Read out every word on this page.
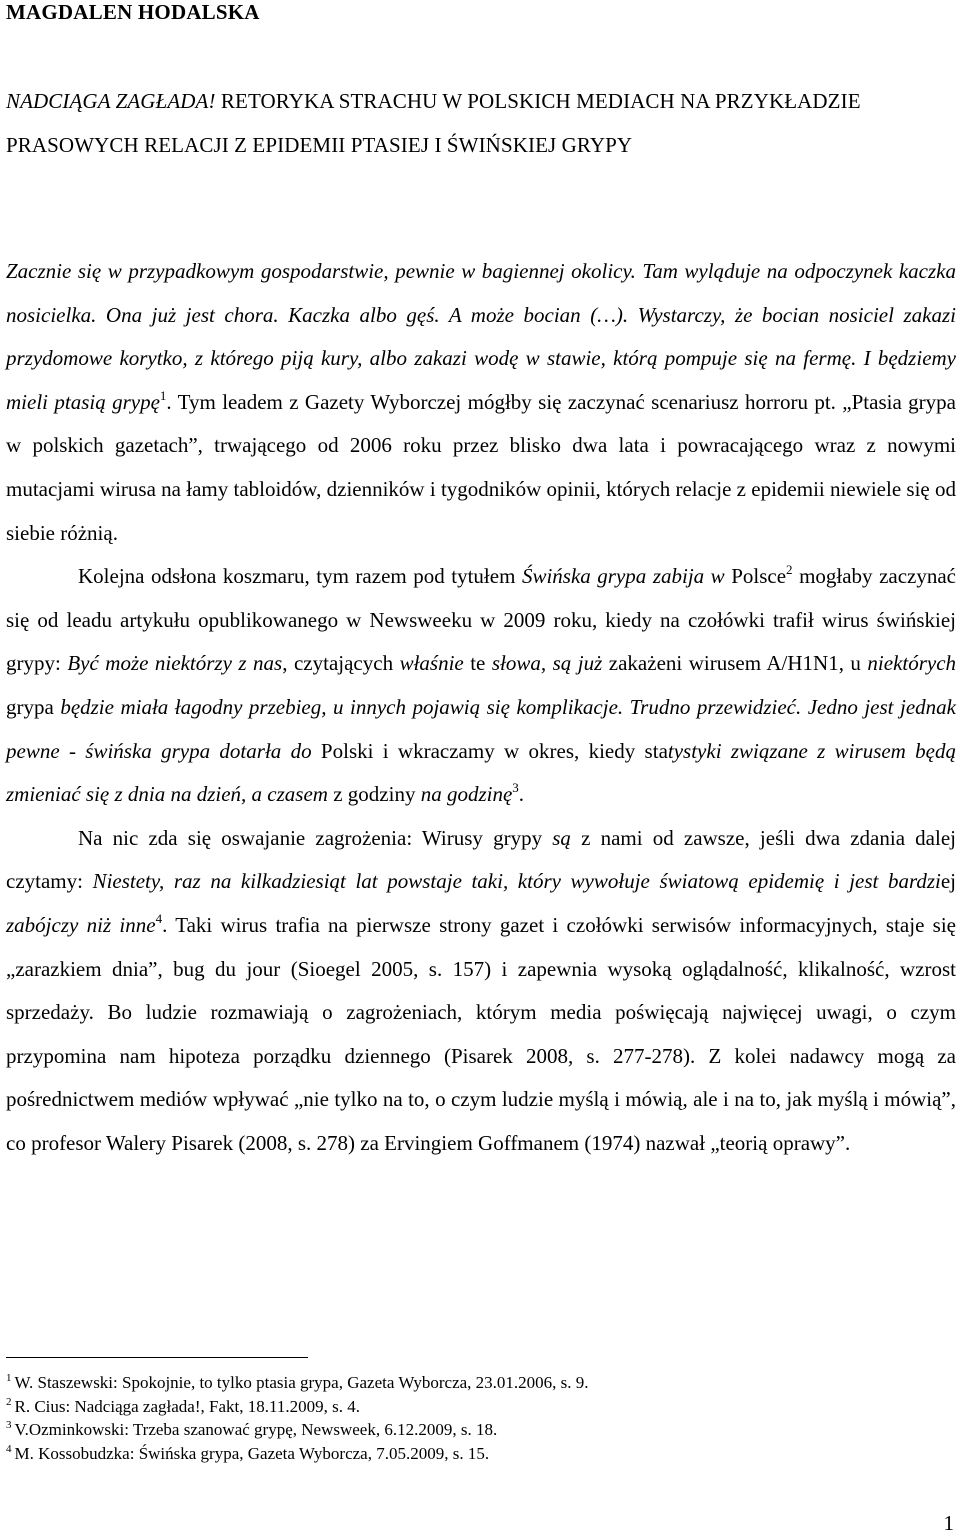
MAGDALEN HODALSKA
NADCIĄGA ZAGŁADA! RETORYKA STRACHU W POLSKICH MEDIACH NA PRZYKŁADZIE PRASOWYCH RELACJI Z EPIDEMII PTASIEJ I ŚWIŃSKIEJ GRYPY

Zacznie się w przypadkowym gospodarstwie, pewnie w bagiennej okolicy. Tam wyląduje na odpoczynek kaczka nosicielka. Ona już jest chora. Kaczka albo gęś. A może bocian (…). Wystarczy, że bocian nosiciel zakazi przydomowe korytko, z którego piją kury, albo zakazi wodę w stawie, którą pompuje się na fermę. I będziemy mieli ptasią grypę$^1$. Tym leadem z Gazety Wyborczej mógłby się zaczynać scenariusz horroru pt. „Ptasia grypa w polskich gazetach”, trwającego od 2006 roku przez blisko dwa lata i powracającego wraz z nowymi mutacjami wirusa na łamy tabloidów, dzienników i tygodników opinii, których relacje z epidemii niewiele się od siebie różnią.

Kolejna odsłona koszmaru, tym razem pod tytułem Świńska grypa zabija w Polsce$^2$ mogłaby zaczynać się od leadu artykułu opublikowanego w Newsweeku w 2009 roku, kiedy na czołówki trafił wirus świńskiej grypy: Być może niektórzy z nas, czytających właśnie te słowa, są już zakażeni wirusem A/H1N1, u niektórych grypa będzie miała łagodny przebieg, u innych pojawią się komplikacje. Trudno przewidzieć. Jedno jest jednak pewne - świńska grypa dotarła do Polski i wkraczamy w okres, kiedy statystyki związane z wirusem będą zmieniać się z dnia na dzień, a czasem z godziny na godzinę$^3$.

Na nic zda się oswajanie zagrożenia: Wirusy grypy są z nami od zawsze, jeśli dwa zdania dalej czytamy: Niestety, raz na kilkadziesiąt lat powstaje taki, który wywołuje światową epidemię i jest bardziej zabójczy niż inne$^4$. Taki wirus trafia na pierwsze strony gazet i czołówki serwisów informacyjnych, staje się „zarazkiem dnia”, bug du jour (Sioegel 2005, s. 157) i zapewnia wysoką oglądalność, klikalność, wzrost sprzedaży. Bo ludzie rozmawiają o zagrożeniach, którym media poświęcają najwięcej uwagi, o czym przypomina nam hipoteza porządku dziennego (Pisarek 2008, s. 277-278). Z kolei nadawcy mogą za pośrednictwem mediów wpływać „nie tylko na to, o czym ludzie myślą i mówią, ale i na to, jak myślą i mówią”, co profesor Walery Pisarek (2008, s. 278) za Ervingiem Goffmanem (1974) nazwał „teorią oprawy”.

$^1$ W. Staszewski: Spokojnie, to tylko ptasia grypa, Gazeta Wyborcza, 23.01.2006, s. 9.

$^2$ R. Cius: Nadciąga zagłada!, Fakt, 18.11.2009, s. 4.

$^3$ V.Ozminkowski: Trzeba szanować grypę, Newsweek, 6.12.2009, s. 18.

$^4$ M. Kossobudzka: Świńska grypa, Gazeta Wyborcza, 7.05.2009, s. 15.

1
